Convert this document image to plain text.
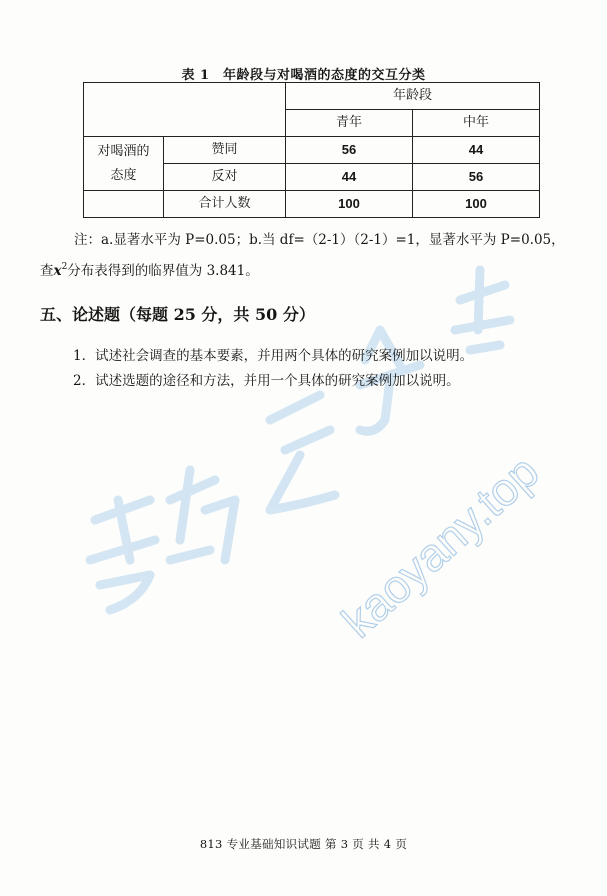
kaoyany.top
表 1　年龄段与对喝酒的态度的交互分类
		年龄段	
		青年	中年
对喝酒的
态度	赞同	56	44
	反对	44	56
	合计人数	100	100
注：a.显著水平为 P=0.05；b.当 df=（2-1）（2-1）=1，显著水平为 P=0.05，
查$x^2$分布表得到的临界值为 3.841。
五、论述题（每题 25 分，共 50 分）
1．试述社会调查的基本要素，并用两个具体的研究案例加以说明。
2．试述选题的途径和方法，并用一个具体的研究案例加以说明。
813 专业基础知识试题 第 3 页 共 4 页
